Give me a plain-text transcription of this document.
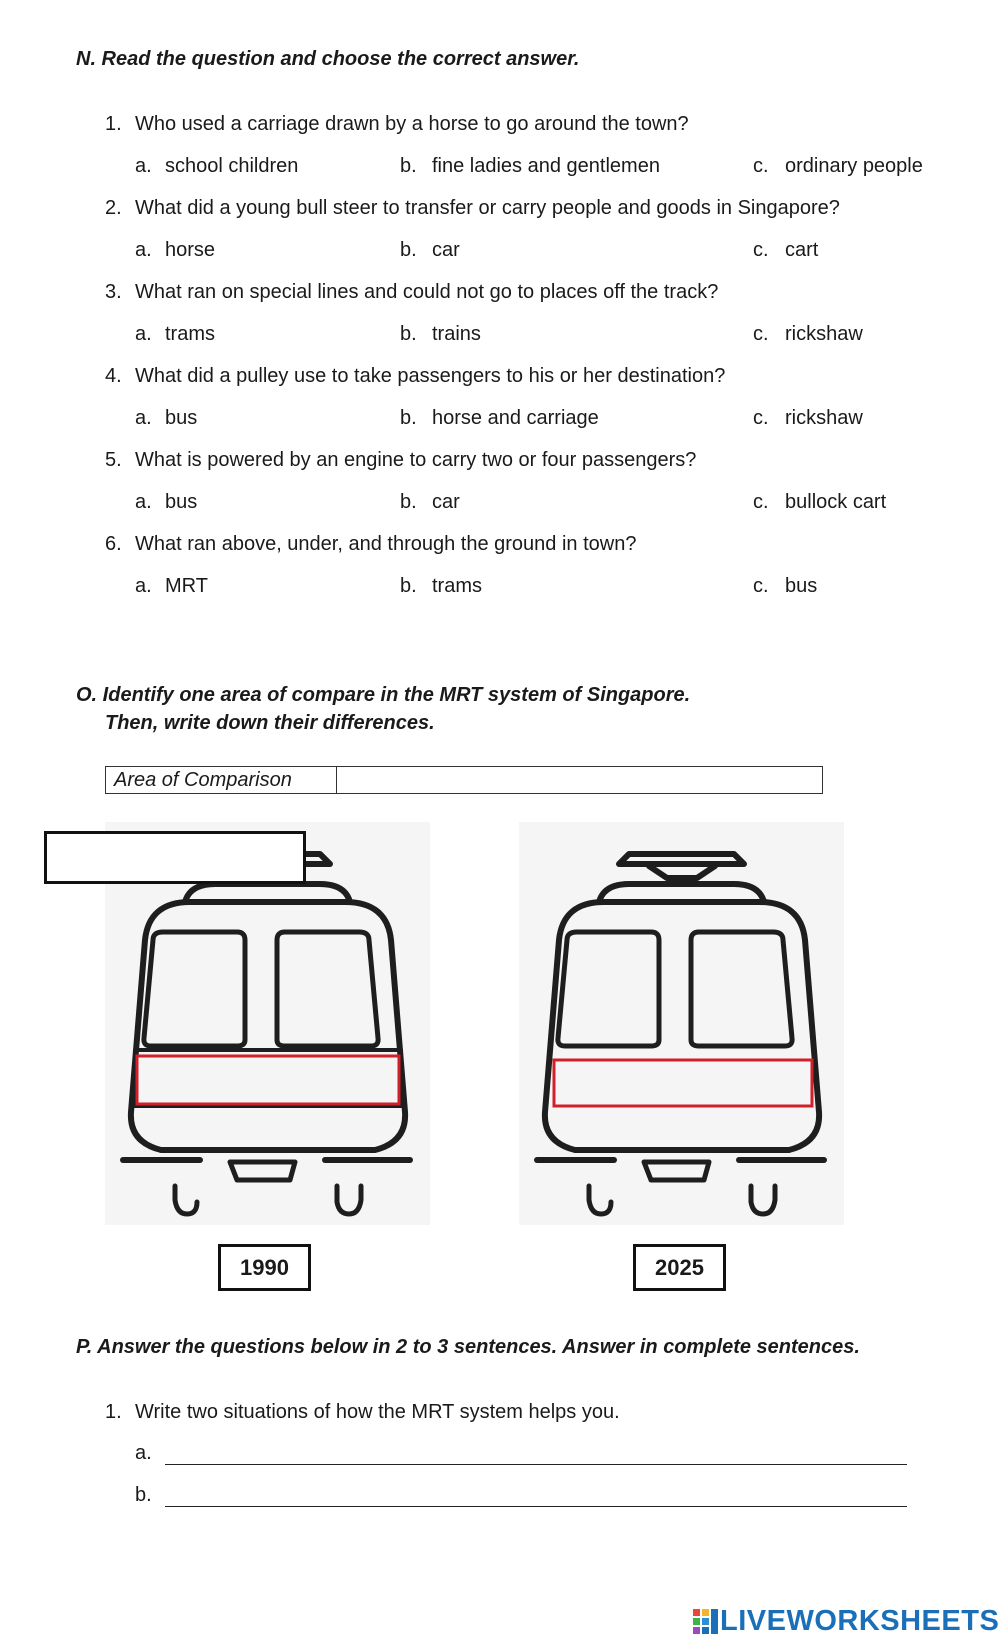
N. Read the question and choose the correct answer.
1. Who used a carriage drawn by a horse to go around the town?
a. school children	b. fine ladies and gentlemen	c. ordinary people
2. What did a young bull steer to transfer or carry people and goods in Singapore?
a. horse	b. car	c. cart
3. What ran on special lines and could not go to places off the track?
a. trams	b. trains	c. rickshaw
4. What did a pulley use to take passengers to his or her destination?
a. bus	b. horse and carriage	c. rickshaw
5. What is powered by an engine to carry two or four passengers?
a. bus	b. car	c. bullock cart
6. What ran above, under, and through the ground in town?
a. MRT	b. trams	c. bus
O. Identify one area of compare in the MRT system of Singapore.
Then, write down their differences.
Area of Comparison
1990	2025
P. Answer the questions below in 2 to 3 sentences. Answer in complete sentences.
1. Write two situations of how the MRT system helps you.
a.
b.
LIVEWORKSHEETS
